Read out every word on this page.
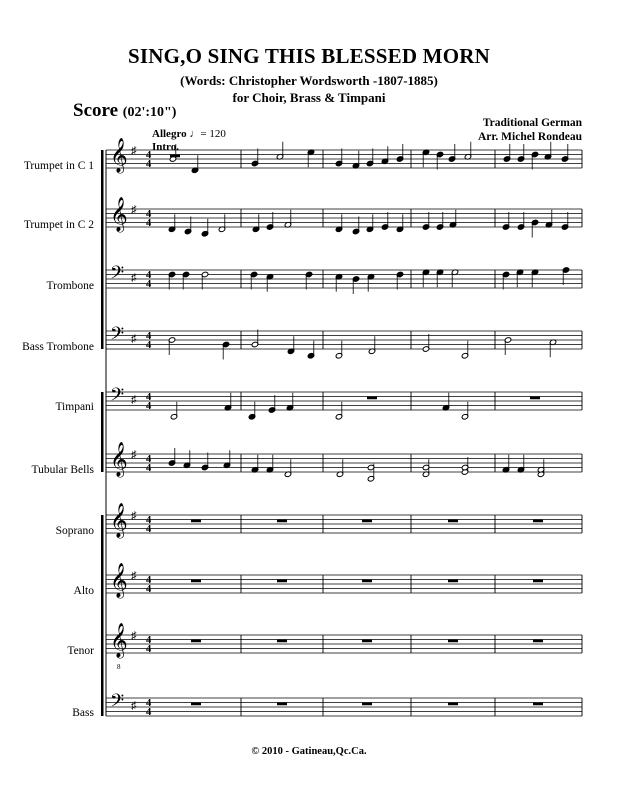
SING,O SING THIS BLESSED MORN
(Words: Christopher Wordsworth -1807-1885)
for Choir, Brass & Timpani
Score (02':10")
Traditional German
Arr. Michel Rondeau
Allegro ♩= 120
Intro.
Trumpet in C 1
Trumpet in C 2
Trombone
Bass Trombone
Timpani
Tubular Bells
Soprano
Alto
Tenor
Bass
𝄞 ♯ 4
4
𝄞 ♯ 4
4
𝄢 ♯ 4
4
𝄢 ♯ 4
4
𝄢 ♯ 4
4
𝄞 ♯ 4
4
𝄞 ♯ 4
4
𝄞 ♯ 4
4
𝄞
8
♯ 4
4
𝄢 ♯ 4
4
© 2010 - Gatineau,Qc.Ca.
